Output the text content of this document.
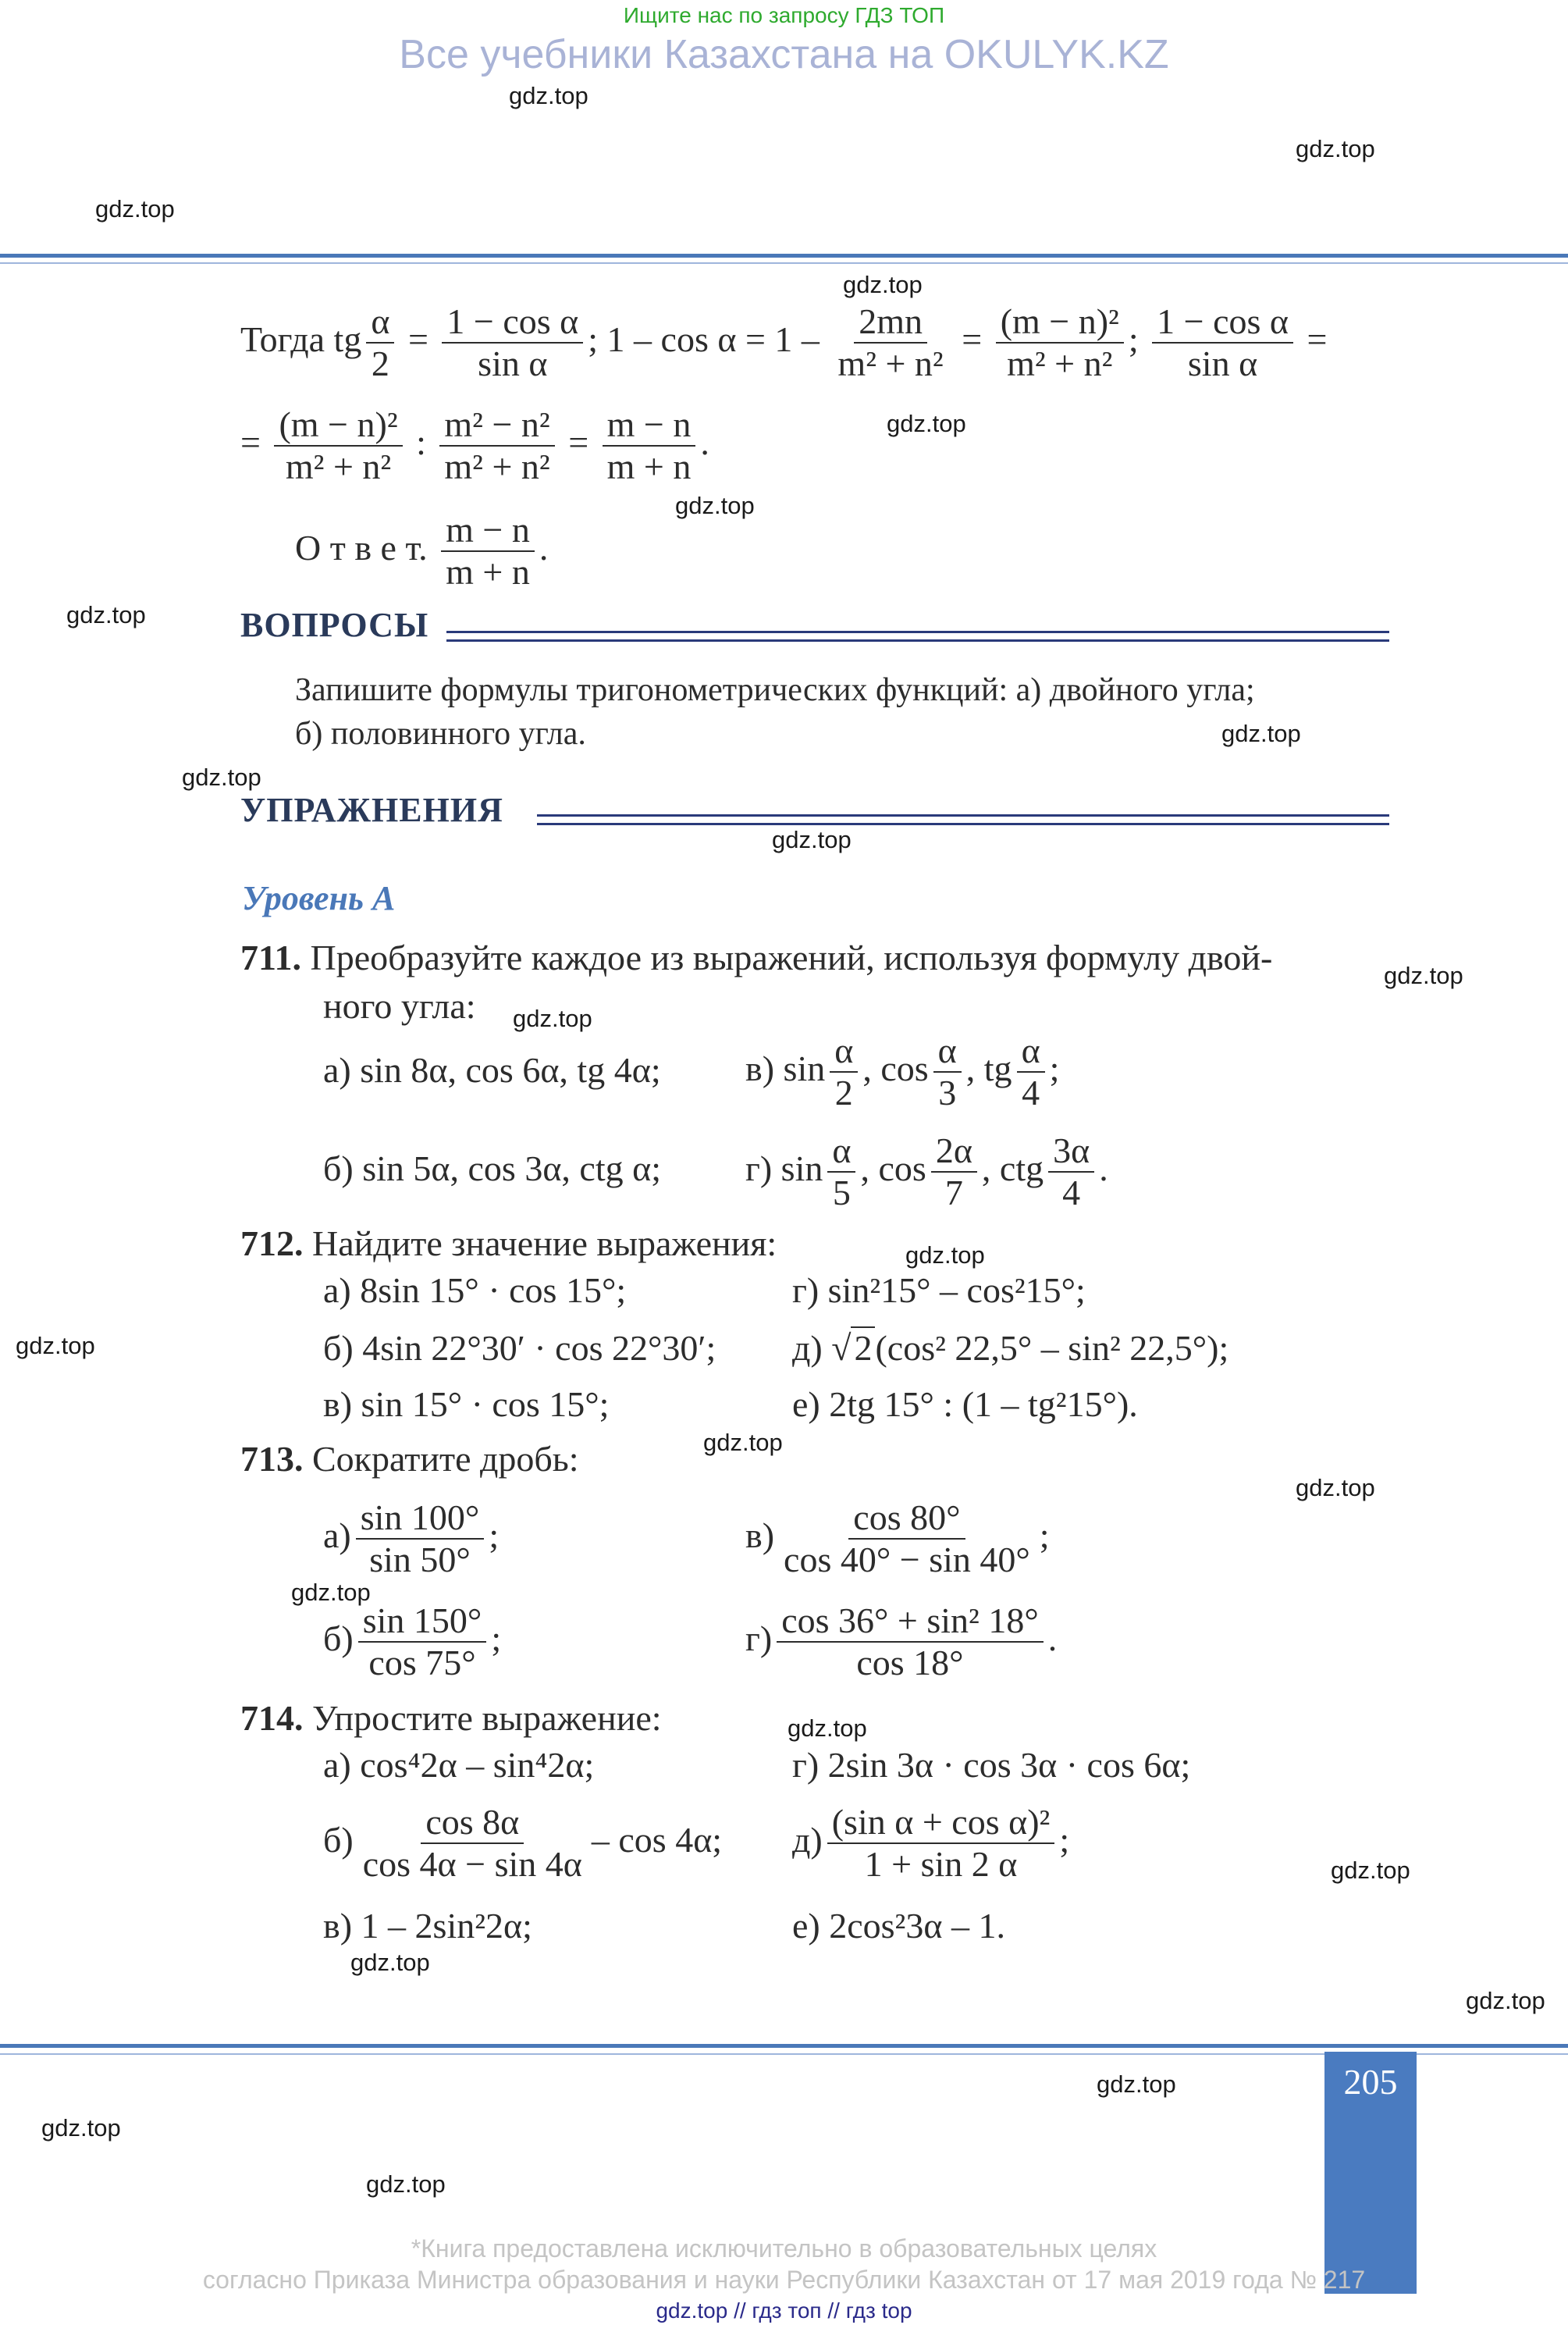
Ищите нас по запросу ГДЗ ТОП
Все учебники Казахстана на OKULYK.KZ
Тогда tg $\frac{\alpha}{2} = \frac{\text{1 − cos α}}{\text{sin α}}$ ; $1 - \cos \alpha = 1 - \frac{2mn}{\text{m² + n²}} = \frac{\text{(m − n)²}}{\text{m² + n²}}$ ; $\frac{\text{1 − cos α}}{\text{sin α}}$ =
= $\frac{\text{(m − n)²}}{\text{m² + n²}}$ : $\frac{\text{m² − n²}}{\text{m² + n²}} = \frac{m - n}{m + n}$ .
О т в е т. $\frac{m - n}{m + n}$ .
ВОПРОСЫ
Запишите формулы тригонометрических функций: а) двойного угла;
б) половинного угла.
УПРАЖНЕНИЯ
Уровень А
711. Преобразуйте каждое из выражений, используя формулу двой-
ного угла:
а) sin 8α, cos 6α, tg 4α; в) $\sin \frac{\alpha}{2}$ , $\cos \frac{\alpha}{3}$ , tg $\frac{\alpha}{4}$ ;
б) sin 5α, cos 3α, ctg α; г) $\sin \frac{\alpha}{5}$ , $\cos \frac{2\alpha}{7}$ , ctg $\frac{3\alpha}{4}$ .
712. Найдите значение выражения:
а) 8sin 15° · cos 15°;	г) sin²15° – cos²15°;
б) 4sin 22°30′ · cos 22°30′; д) √2(cos² 22,5° – sin² 22,5°);
в) sin 15° · cos 15°;	е) 2tg 15° : (1 – tg²15°).
713. Сократите дробь:
$а) \frac{\sin 100^\circ}{\sin 50^\circ}$ ;	$в) \frac{\cos 80^\circ}{\cos 40^\circ - \sin 40^\circ}$ ;
$б) \frac{\sin 150^\circ}{\cos 75^\circ}$ ;	$г) \frac{\text{cos 36° + sin² 18°}}{\cos 18^\circ}$ .
714. Упростите выражение:
а) cos⁴2α – sin⁴2α;	г) 2sin 3α · cos 3α · cos 6α;
$б) \frac{\cos 8\alpha}{\cos 4\alpha - \sin 4\alpha}$ – cos 4α; $д) \frac{\text{(sin α + cos α)²}}{1 + \sin 2 \alpha}$ ;
в) 1 – 2sin²2α;	е) 2cos²3α – 1.
205
*Книга предоставлена исключительно в образовательных целях
согласно Приказа Министра образования и науки Республики Казахстан от 17 мая 2019 года № 217
gdz.top // гдз топ // гдз top
gdz.top
gdz.top
gdz.top
gdz.top
gdz.top
gdz.top
gdz.top
gdz.top
gdz.top
gdz.top
gdz.top
gdz.top
gdz.top
gdz.top
gdz.top
gdz.top
gdz.top
gdz.top
gdz.top
gdz.top
gdz.top
gdz.top
gdz.top
gdz.top
